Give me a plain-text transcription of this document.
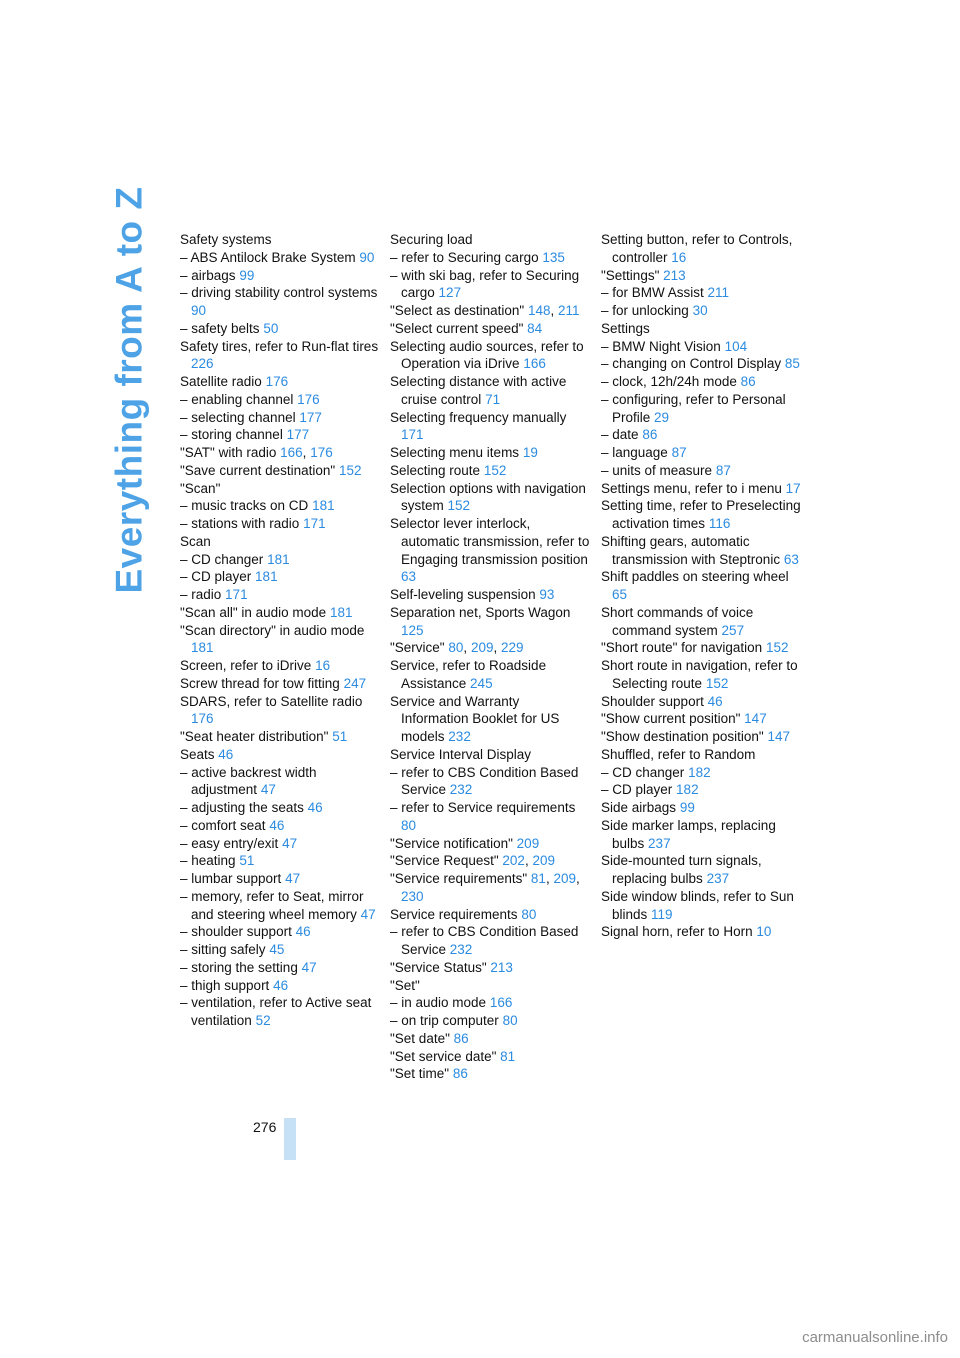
Everything from A to Z Safety systems
– ABS Antilock Brake System 90
– airbags 99
– driving stability control systems 90
– safety belts 50
Safety tires, refer to Run-flat tires 226
Satellite radio 176
– enabling channel 176
– selecting channel 177
– storing channel 177
"SAT" with radio 166, 176
"Save current destination" 152
"Scan"
– music tracks on CD 181
– stations with radio 171
Scan
– CD changer 181
– CD player 181
– radio 171
"Scan all" in audio mode 181
"Scan directory" in audio mode 181
Screen, refer to iDrive 16
Screw thread for tow fitting 247
SDARS, refer to Satellite radio 176
"Seat heater distribution" 51
Seats 46
– active backrest width adjustment 47
– adjusting the seats 46
– comfort seat 46
– easy entry/exit 47
– heating 51
– lumbar support 47
– memory, refer to Seat, mirror and steering wheel memory 47
– shoulder support 46
– sitting safely 45
– storing the setting 47
– thigh support 46
– ventilation, refer to Active seat ventilation 52
Securing load
– refer to Securing cargo 135
– with ski bag, refer to Securing cargo 127
"Select as destination" 148, 211
"Select current speed" 84
Selecting audio sources, refer to Operation via iDrive 166
Selecting distance with active cruise control 71
Selecting frequency manually 171
Selecting menu items 19
Selecting route 152
Selection options with navigation system 152
Selector lever interlock, automatic transmission, refer to Engaging transmission position 63
Self-leveling suspension 93
Separation net, Sports Wagon 125
"Service" 80, 209, 229
Service, refer to Roadside Assistance 245
Service and Warranty Information Booklet for US models 232
Service Interval Display
– refer to CBS Condition Based Service 232
– refer to Service requirements 80
"Service notification" 209
"Service Request" 202, 209
"Service requirements" 81, 209, 230
Service requirements 80
– refer to CBS Condition Based Service 232
"Service Status" 213
"Set"
– in audio mode 166
– on trip computer 80
"Set date" 86
"Set service date" 81
"Set time" 86
Setting button, refer to Controls, controller 16
"Settings" 213
– for BMW Assist 211
– for unlocking 30
Settings
– BMW Night Vision 104
– changing on Control Display 85
– clock, 12h/24h mode 86
– configuring, refer to Personal Profile 29
– date 86
– language 87
– units of measure 87
Settings menu, refer to i menu 17
Setting time, refer to Preselecting activation times 116
Shifting gears, automatic transmission with Steptronic 63
Shift paddles on steering wheel 65
Short commands of voice command system 257
"Short route" for navigation 152
Short route in navigation, refer to Selecting route 152
Shoulder support 46
"Show current position" 147
"Show destination position" 147
Shuffled, refer to Random
– CD changer 182
– CD player 182
Side airbags 99
Side marker lamps, replacing bulbs 237
Side-mounted turn signals, replacing bulbs 237
Side window blinds, refer to Sun blinds 119
Signal horn, refer to Horn 10
276
carmanualsonline.info
